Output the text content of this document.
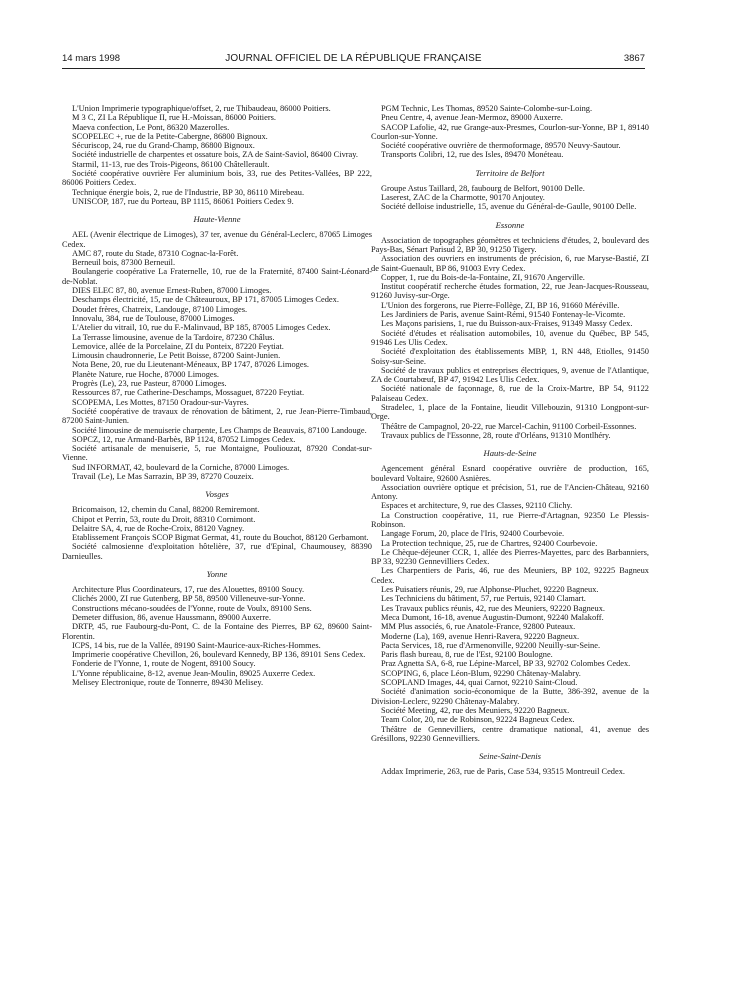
14 mars 1998	JOURNAL OFFICIEL DE LA RÉPUBLIQUE FRANÇAISE	3867

L'Union Imprimerie typographique/offset, 2, rue Thibaudeau, 86000 Poitiers.

M 3 C, ZI La République II, rue H.-Moissan, 86000 Poitiers.

Maeva confection, Le Pont, 86320 Mazerolles.

SCOPELEC +, rue de la Petite-Cabergne, 86800 Bignoux.

Sécuriscop, 24, rue du Grand-Champ, 86800 Bignoux.

Société industrielle de charpentes et ossature bois, ZA de Saint-Saviol, 86400 Civray.

Starmil, 11-13, rue des Trois-Pigeons, 86100 Châtellerault.

Société coopérative ouvrière Fer aluminium bois, 33, rue des Petites-Vallées, BP 222, 86006 Poitiers Cedex.

Technique énergie bois, 2, rue de l'Industrie, BP 30, 86110 Mirebeau.

UNISCOP, 187, rue du Porteau, BP 1115, 86061 Poitiers Cedex 9.

Haute-Vienne

AEL (Avenir électrique de Limoges), 37 ter, avenue du Général-Leclerc, 87065 Limoges Cedex.

AMC 87, route du Stade, 87310 Cognac-la-Forêt.

Berneuil bois, 87300 Berneuil.

Boulangerie coopérative La Fraternelle, 10, rue de la Fraternité, 87400 Saint-Léonard-de-Noblat.

DIES ELEC 87, 80, avenue Ernest-Ruben, 87000 Limoges.

Deschamps électricité, 15, rue de Châteauroux, BP 171, 87005 Limoges Cedex.

Doudet frères, Chatreix, Landouge, 87100 Limoges.

Innovalu, 384, rue de Toulouse, 87000 Limoges.

L'Atelier du vitrail, 10, rue du F.-Malinvaud, BP 185, 87005 Limoges Cedex.

La Terrasse limousine, avenue de la Tardoire, 87230 Châlus.

Lemovice, allée de la Porcelaine, ZI du Ponteix, 87220 Feytiat.

Limousin chaudronnerie, Le Petit Boisse, 87200 Saint-Junien.

Nota Bene, 20, rue du Lieutenant-Méneaux, BP 1747, 87026 Limoges.

Planète Nature, rue Hoche, 87000 Limoges.

Progrès (Le), 23, rue Pasteur, 87000 Limoges.

Ressources 87, rue Catherine-Deschamps, Mossaguet, 87220 Feytiat.

SCOPEMA, Les Mottes, 87150 Oradour-sur-Vayres.

Société coopérative de travaux de rénovation de bâtiment, 2, rue Jean-Pierre-Timbaud, 87200 Saint-Junien.

Société limousine de menuiserie charpente, Les Champs de Beauvais, 87100 Landouge.

SOPCZ, 12, rue Armand-Barbès, BP 1124, 87052 Limoges Cedex.

Société artisanale de menuiserie, 5, rue Montaigne, Pouliouzat, 87920 Condat-sur-Vienne.

Sud INFORMAT, 42, boulevard de la Corniche, 87000 Limoges.

Travail (Le), Le Mas Sarrazin, BP 39, 87270 Couzeix.

Vosges

Bricomaison, 12, chemin du Canal, 88200 Remiremont.

Chipot et Perrin, 53, route du Droit, 88310 Cornimont.

Delaitre SA, 4, rue de Roche-Croix, 88120 Vagney.

Etablissement François SCOP Bigmat Germat, 41, route du Bouchot, 88120 Gerbamont.

Société calmosienne d'exploitation hôtelière, 37, rue d'Epinal, Chaumousey, 88390 Darnieulles.

Yonne

Architecture Plus Coordinateurs, 17, rue des Alouettes, 89100 Soucy.

Clichés 2000, ZI rue Gutenberg, BP 58, 89500 Villeneuve-sur-Yonne.

Constructions mécano-soudées de l'Yonne, route de Voulx, 89100 Sens.

Demeter diffusion, 86, avenue Haussmann, 89000 Auxerre.

DRTP, 45, rue Faubourg-du-Pont, C. de la Fontaine des Pierres, BP 62, 89600 Saint-Florentin.

ICPS, 14 bis, rue de la Vallée, 89190 Saint-Maurice-aux-Riches-Hommes.

Imprimerie coopérative Chevillon, 26, boulevard Kennedy, BP 136, 89101 Sens Cedex.

Fonderie de l'Yonne, 1, route de Nogent, 89100 Soucy.

L'Yonne républicaine, 8-12, avenue Jean-Moulin, 89025 Auxerre Cedex.

Melisey Electronique, route de Tonnerre, 89430 Melisey.

PGM Technic, Les Thomas, 89520 Sainte-Colombe-sur-Loing.

Pneu Centre, 4, avenue Jean-Mermoz, 89000 Auxerre.

SACOP Lafolie, 42, rue Grange-aux-Presmes, Courlon-sur-Yonne, BP 1, 89140 Courlon-sur-Yonne.

Société coopérative ouvrière de thermoformage, 89570 Neuvy-Sautour.

Transports Colibri, 12, rue des Isles, 89470 Monéteau.

Territoire de Belfort

Groupe Astus Taillard, 28, faubourg de Belfort, 90100 Delle.

Laserest, ZAC de la Charmotte, 90170 Anjoutey.

Société delloise industrielle, 15, avenue du Général-de-Gaulle, 90100 Delle.

Essonne

Association de topographes géomètres et techniciens d'études, 2, boulevard des Pays-Bas, Sénart Parisud 2, BP 30, 91250 Tigery.

Association des ouvriers en instruments de précision, 6, rue Maryse-Bastié, ZI de Saint-Guenault, BP 86, 91003 Evry Cedex.

Copper, 1, rue du Bois-de-la-Fontaine, ZI, 91670 Angerville.

Institut coopératif recherche études formation, 22, rue Jean-Jacques-Rousseau, 91260 Juvisy-sur-Orge.

L'Union des forgerons, rue Pierre-Follège, ZI, BP 16, 91660 Méréville.

Les Jardiniers de Paris, avenue Saint-Rémi, 91540 Fontenay-le-Vicomte.

Les Maçons parisiens, 1, rue du Buisson-aux-Fraises, 91349 Massy Cedex.

Société d'études et réalisation automobiles, 10, avenue du Québec, BP 545, 91946 Les Ulis Cedex.

Société d'exploitation des établissements MBP, 1, RN 448, Etiolles, 91450 Soisy-sur-Seine.

Société de travaux publics et entreprises électriques, 9, avenue de l'Atlantique, ZA de Courtabœuf, BP 47, 91942 Les Ulis Cedex.

Société nationale de façonnage, 8, rue de la Croix-Martre, BP 54, 91122 Palaiseau Cedex.

Stradelec, 1, place de la Fontaine, lieudit Villebouzin, 91310 Longpont-sur-Orge.

Théâtre de Campagnol, 20-22, rue Marcel-Cachin, 91100 Corbeil-Essonnes.

Travaux publics de l'Essonne, 28, route d'Orléans, 91310 Montlhéry.

Hauts-de-Seine

Agencement général Esnard coopérative ouvrière de production, 165, boulevard Voltaire, 92600 Asnières.

Association ouvrière optique et précision, 51, rue de l'Ancien-Château, 92160 Antony.

Espaces et architecture, 9, rue des Classes, 92110 Clichy.

La Construction coopérative, 11, rue Pierre-d'Artagnan, 92350 Le Plessis-Robinson.

Langage Forum, 20, place de l'Iris, 92400 Courbevoie.

La Protection technique, 25, rue de Chartres, 92400 Courbevoie.

Le Chèque-déjeuner CCR, 1, allée des Pierres-Mayettes, parc des Barbanniers, BP 33, 92230 Gennevilliers Cedex.

Les Charpentiers de Paris, 46, rue des Meuniers, BP 102, 92225 Bagneux Cedex.

Les Puisatiers réunis, 29, rue Alphonse-Pluchet, 92220 Bagneux.

Les Techniciens du bâtiment, 57, rue Pertuis, 92140 Clamart.

Les Travaux publics réunis, 42, rue des Meuniers, 92220 Bagneux.

Meca Dumont, 16-18, avenue Augustin-Dumont, 92240 Malakoff.

MM Plus associés, 6, rue Anatole-France, 92800 Puteaux.

Moderne (La), 169, avenue Henri-Ravera, 92220 Bagneux.

Pacta Services, 18, rue d'Armenonville, 92200 Neuilly-sur-Seine.

Paris flash bureau, 8, rue de l'Est, 92100 Boulogne.

Praz Agnetta SA, 6-8, rue Lépine-Marcel, BP 33, 92702 Colombes Cedex.

SCOP'ING, 6, place Léon-Blum, 92290 Châtenay-Malabry.

SCOPLAND Images, 44, quai Carnot, 92210 Saint-Cloud.

Société d'animation socio-économique de la Butte, 386-392, avenue de la Division-Leclerc, 92290 Châtenay-Malabry.

Société Meeting, 42, rue des Meuniers, 92220 Bagneux.

Team Color, 20, rue de Robinson, 92224 Bagneux Cedex.

Théâtre de Gennevilliers, centre dramatique national, 41, avenue des Grésillons, 92230 Gennevilliers.

Seine-Saint-Denis

Addax Imprimerie, 263, rue de Paris, Case 534, 93515 Montreuil Cedex.
